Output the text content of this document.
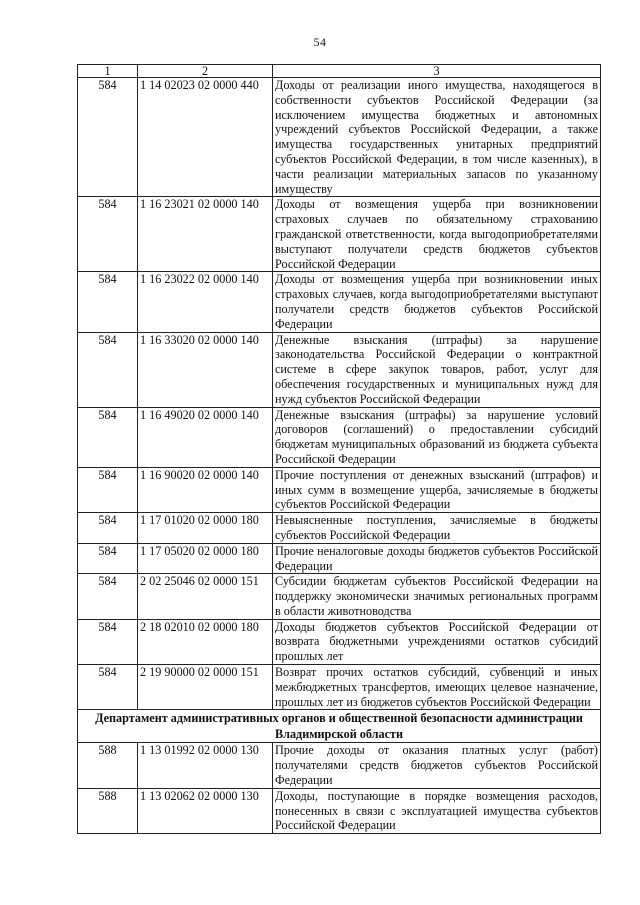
54
1	2	3
584	1 14 02023 02 0000 440	Доходы от реализации иного имущества, находящегося в собственности субъектов Российской Федерации (за исключением имущества бюджетных и автономных учреждений субъектов Российской Федерации, а также имущества государственных унитарных предприятий субъектов Российской Федерации, в том числе казенных), в части реализации материальных запасов по указанному имуществу
584	1 16 23021 02 0000 140	Доходы от возмещения ущерба при возникновении страховых случаев по обязательному страхованию гражданской ответственности, когда выгодоприобретателями выступают получатели средств бюджетов субъектов Российской Федерации
584	1 16 23022 02 0000 140	Доходы от возмещения ущерба при возникновении иных страховых случаев, когда выгодоприобретателями выступают получатели средств бюджетов субъектов Российской Федерации
584	1 16 33020 02 0000 140	Денежные взыскания (штрафы) за нарушение законодательства Российской Федерации о контрактной системе в сфере закупок товаров, работ, услуг для обеспечения государственных и муниципальных нужд для нужд субъектов Российской Федерации
584	1 16 49020 02 0000 140	Денежные взыскания (штрафы) за нарушение условий договоров (соглашений) о предоставлении субсидий бюджетам муниципальных образований из бюджета субъекта Российской Федерации
584	1 16 90020 02 0000 140	Прочие поступления от денежных взысканий (штрафов) и иных сумм в возмещение ущерба, зачисляемые в бюджеты субъектов Российской Федерации
584	1 17 01020 02 0000 180	Невыясненные поступления, зачисляемые в бюджеты субъектов Российской Федерации
584	1 17 05020 02 0000 180	Прочие неналоговые доходы бюджетов субъектов Российской Федерации
584	2 02 25046 02 0000 151	Субсидии бюджетам субъектов Российской Федерации на поддержку экономически значимых региональных программ в области животноводства
584	2 18 02010 02 0000 180	Доходы бюджетов субъектов Российской Федерации от возврата бюджетными учреждениями остатков субсидий прошлых лет
584	2 19 90000 02 0000 151	Возврат прочих остатков субсидий, субвенций и иных межбюджетных трансфертов, имеющих целевое назначение, прошлых лет из бюджетов субъектов Российской Федерации
Департамент административных органов и общественной безопасности администрации Владимирской области		
588	1 13 01992 02 0000 130	Прочие доходы от оказания платных услуг (работ) получателями средств бюджетов субъектов Российской Федерации
588	1 13 02062 02 0000 130	Доходы, поступающие в порядке возмещения расходов, понесенных в связи с эксплуатацией имущества субъектов Российской Федерации
